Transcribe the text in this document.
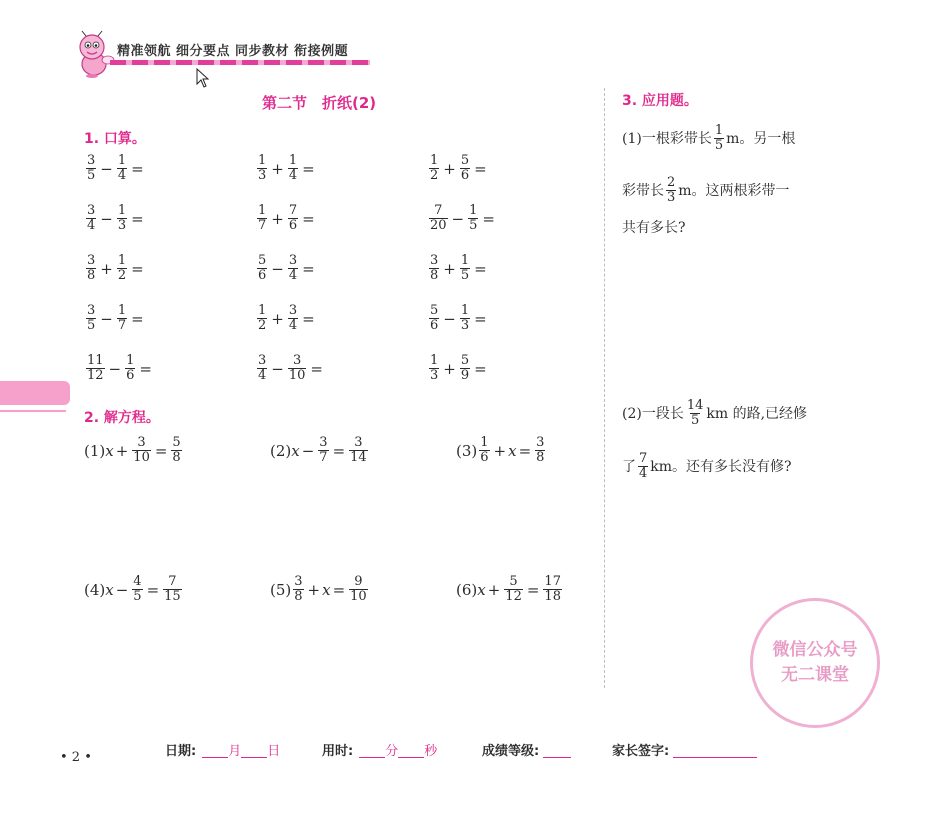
精准领航 细分要点 同步教材 衔接例题
第二节　折纸(2)
1. 口算。
$\frac{3}{5} - \frac{1}{4}$ =	$\frac{1}{3} + \frac{1}{4}$ =	$\frac{1}{2} + \frac{5}{6}$ =
$\frac{3}{4} - \frac{1}{3}$ =	$\frac{1}{7} + \frac{7}{6}$ =	$\frac{7}{20} - \frac{1}{5}$ =
$\frac{3}{8} + \frac{1}{2}$ =	$\frac{5}{6} - \frac{3}{4}$ =	$\frac{3}{8} + \frac{1}{5}$ =
$\frac{3}{5} - \frac{1}{7}$ =	$\frac{1}{2} + \frac{3}{4}$ =	$\frac{5}{6} - \frac{1}{3}$ =
$\frac{11}{12} - \frac{1}{6}$ =	$\frac{3}{4} - \frac{3}{10}$ =	$\frac{1}{3} + \frac{5}{9}$ =
2. 解方程。
(1) $x + \frac{3}{10} = \frac{5}{8}$	(2) $x - \frac{3}{7} = \frac{3}{14}$	$(3) \frac{1}{6} + x = \frac{3}{8}$
(4) $x - \frac{4}{5} = \frac{7}{15}$	$(5) \frac{3}{8} + x = \frac{9}{10}$	(6) $x + \frac{5}{12} = \frac{17}{18}$
3. 应用题。
(1)一根彩带长 $\frac{1}{5}$ m。另一根
彩带长 $\frac{2}{3}$ m。这两根彩带一
共有多长?
(2)一段长 $\frac{14}{5}$ km 的路,已经修
了 $\frac{7}{4}$ km。还有多长没有修?
微信公众号
无二课堂
• 2 •	日期: 月 日	用时: 分 秒	成绩等级:	家长签字:
